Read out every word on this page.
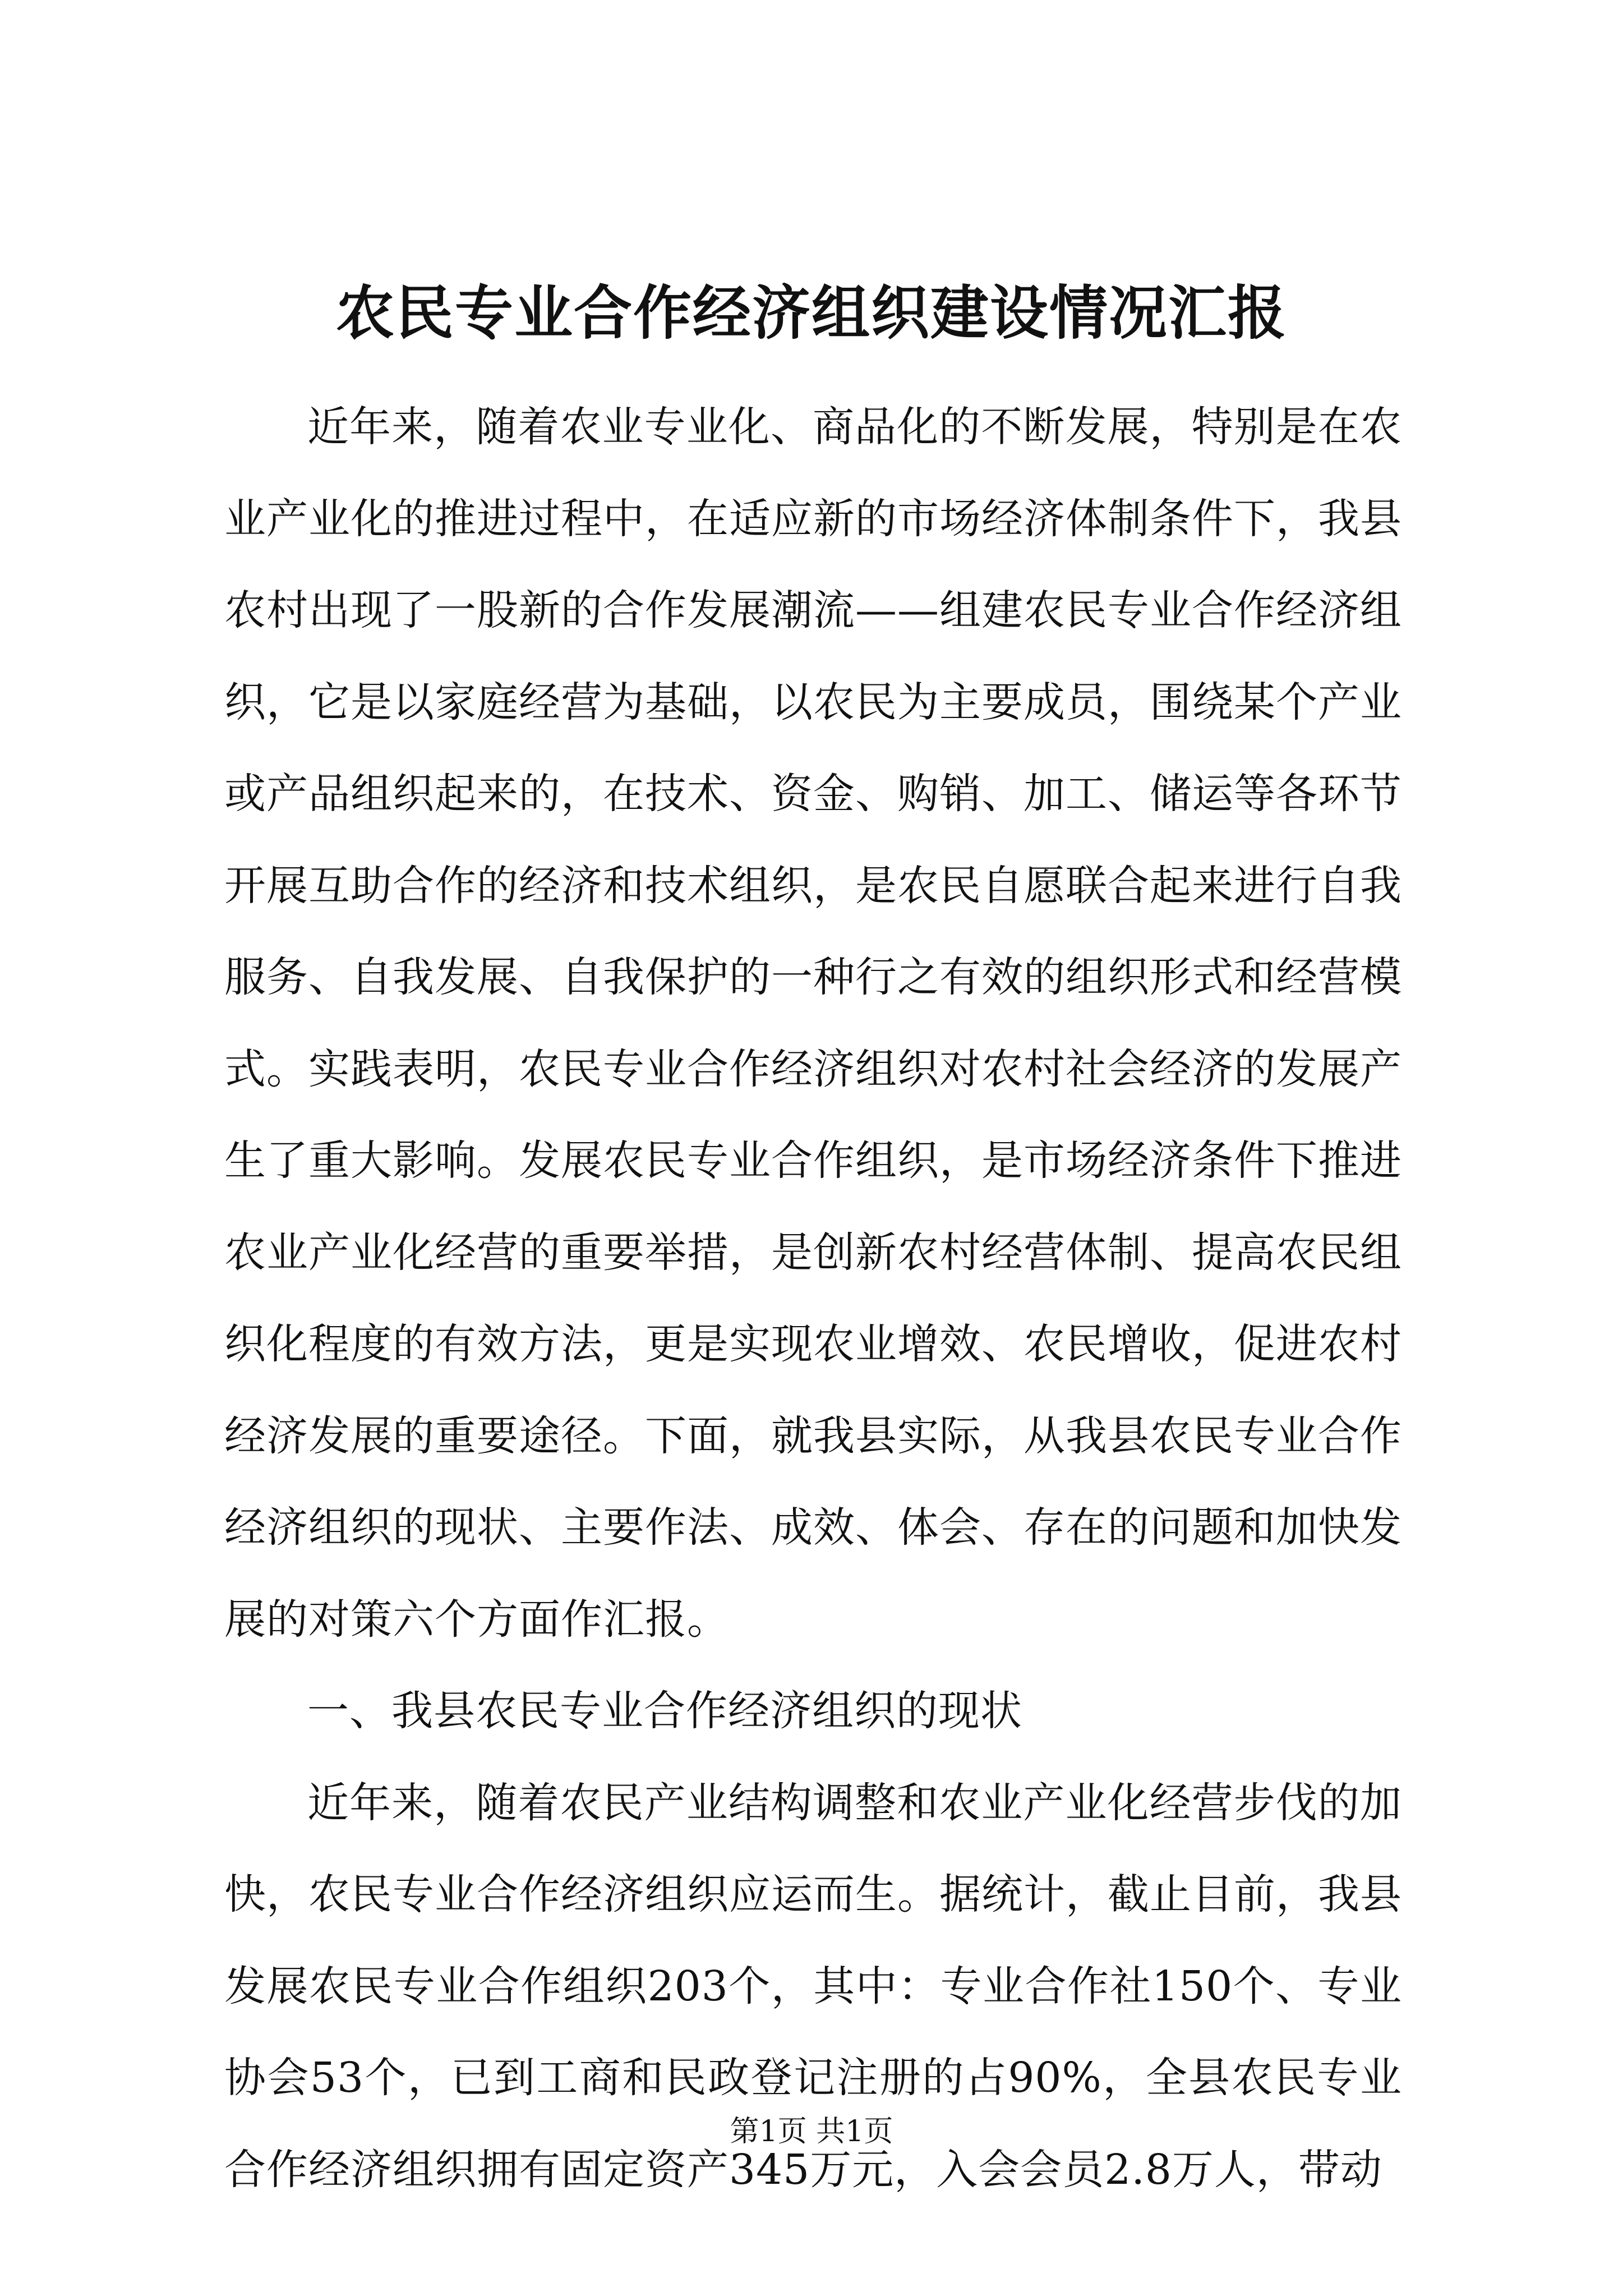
农民专业合作经济组织建设情况汇报

近年来，随着农业专业化、商品化的不断发展，特别是在农业产业化的推进过程中，在适应新的市场经济体制条件下，我县农村出现了一股新的合作发展潮流——组建农民专业合作经济组织，它是以家庭经营为基础，以农民为主要成员，围绕某个产业或产品组织起来的，在技术、资金、购销、加工、储运等各环节开展互助合作的经济和技术组织，是农民自愿联合起来进行自我服务、自我发展、自我保护的一种行之有效的组织形式和经营模式。实践表明，农民专业合作经济组织对农村社会经济的发展产生了重大影响。发展农民专业合作组织，是市场经济条件下推进农业产业化经营的重要举措，是创新农村经营体制、提高农民组织化程度的有效方法，更是实现农业增效、农民增收，促进农村经济发展的重要途径。下面，就我县实际，从我县农民专业合作经济组织的现状、主要作法、成效、体会、存在的问题和加快发展的对策六个方面作汇报。

一、我县农民专业合作经济组织的现状

近年来，随着农民产业结构调整和农业产业化经营步伐的加快，农民专业合作经济组织应运而生。据统计，截止目前，我县发展农民专业合作组织203个，其中：专业合作社150个、专业协会53个，已到工商和民政登记注册的占90%，全县农民专业合作经济组织拥有固定资产345万元，入会会员2.8万人，带动

第1页 共1页
